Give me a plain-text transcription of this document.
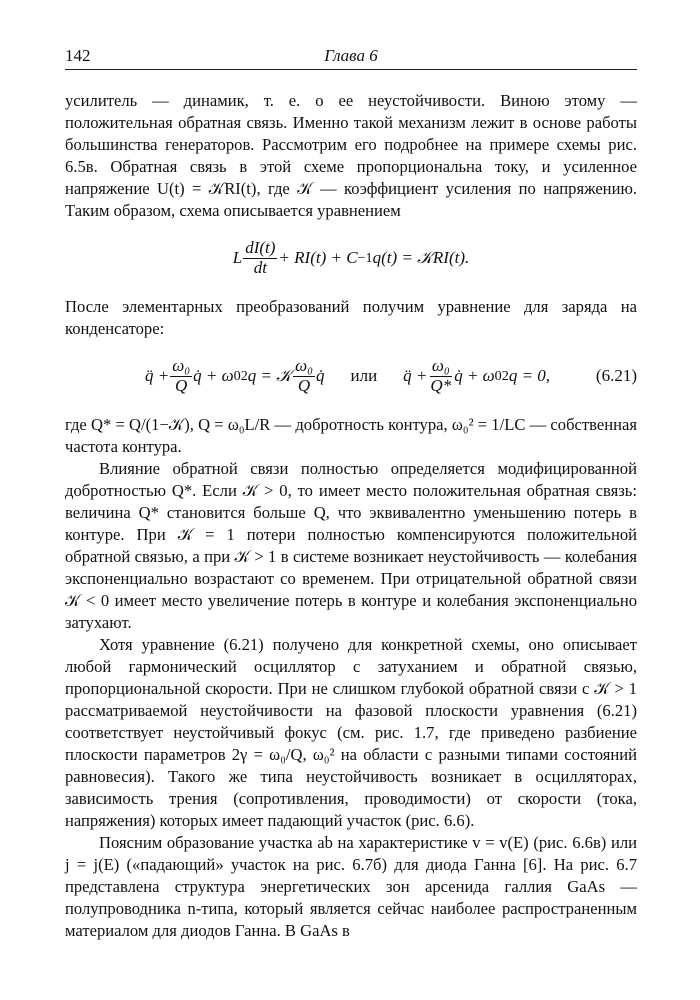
142	Глава 6

усилитель — динамик, т. е. о ее неустойчивости. Виною этому — положительная обратная связь. Именно такой механизм лежит в основе работы большинства генераторов. Рассмотрим его подробнее на примере схемы рис. 6.5в. Обратная связь в этой схеме пропорциональна току, и усиленное напряжение U(t) = 𝒦RI(t), где 𝒦 — коэффициент усиления по напряжению. Таким образом, схема описывается уравнением

L $\frac{dI(t)}{dt} + RI(t) + C -1$ q(t) = 𝒦RI(t).

После элементарных преобразований получим уравнение для заряда на конденсаторе:

q̈ + $\frac{\text{ω₀}}{Q}$ q̇ + ω 0 2 q = 𝒦 $\frac{\text{ω₀}}{Q}$ q̇ или q̈ + $\frac{\text{ω₀}}{Q*}$ q̇ + ω 0 2 q = 0,	(6.21)

где Q* = Q/(1−𝒦), Q = ω₀L/R — добротность контура, ω₀² = 1/LC — собственная частота контура.

Влияние обратной связи полностью определяется модифицированной добротностью Q*. Если 𝒦 > 0, то имеет место положительная обратная связь: величина Q* становится больше Q, что эквивалентно уменьшению потерь в контуре. При 𝒦 = 1 потери полностью компенсируются положительной обратной связью, а при 𝒦 > 1 в системе возникает неустойчивость — колебания экспоненциально возрастают со временем. При отрицательной обратной связи 𝒦 < 0 имеет место увеличение потерь в контуре и колебания экспоненциально затухают.

Хотя уравнение (6.21) получено для конкретной схемы, оно описывает любой гармонический осциллятор с затуханием и обратной связью, пропорциональной скорости. При не слишком глубокой обратной связи с 𝒦 > 1 рассматриваемой неустойчивости на фазовой плоскости уравнения (6.21) соответствует неустойчивый фокус (см. рис. 1.7, где приведено разбиение плоскости параметров 2γ = ω₀/Q, ω₀² на области с разными типами состояний равновесия). Такого же типа неустойчивость возникает в осцилляторах, зависимость трения (сопротивления, проводимости) от скорости (тока, напряжения) которых имеет падающий участок (рис. 6.6).

Поясним образование участка ab на характеристике v = v(E) (рис. 6.6в) или j = j(E) («падающий» участок на рис. 6.7б) для диода Ганна [6]. На рис. 6.7 представлена структура энергетических зон арсенида галлия GaAs — полупроводника n-типа, который является сейчас наиболее распространенным материалом для диодов Ганна. В GaAs в
